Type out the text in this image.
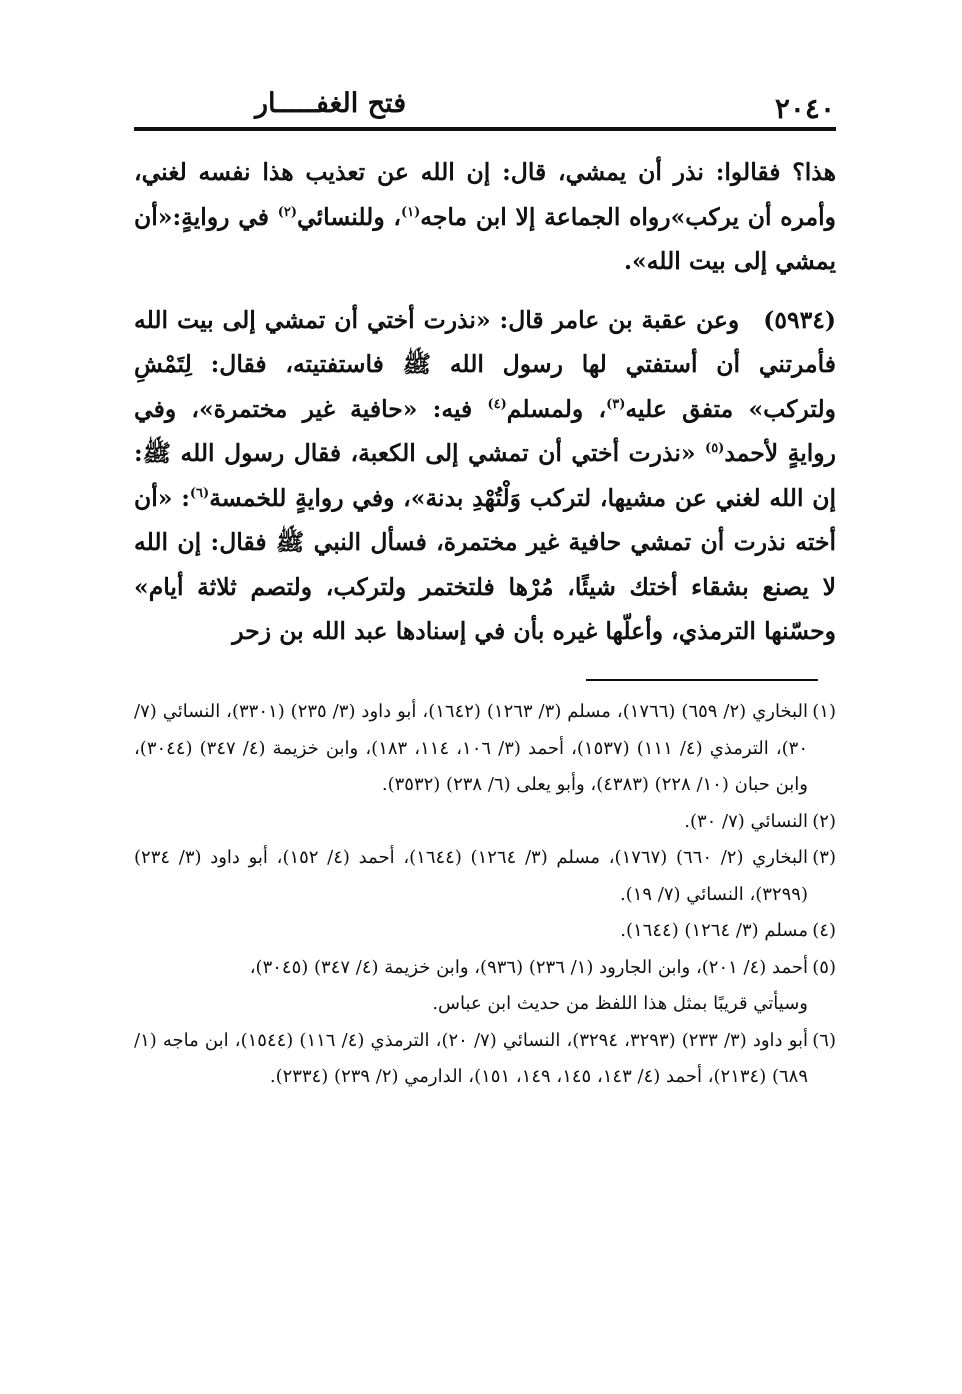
٢٠٤٠
فتح الغفـــــار

هذا؟ فقالوا: نذر أن يمشي، قال: إن الله عن تعذيب هذا نفسه لغني، وأمره أن يركب»رواه الجماعة إلا ابن ماجه$^{(١)}$، وللنسائي$^{(٢)}$ في روايةٍ:«أن يمشي إلى بيت الله».

(٥٩٣٤)وعن عقبة بن عامر قال: «نذرت أختي أن تمشي إلى بيت الله فأمرتني أن أستفتي لها رسول الله ﷺ فاستفتيته، فقال: لِتَمْشِ ولتركب» متفق عليه$^{(٣)}$، ولمسلم$^{(٤)}$ فيه: «حافية غير مختمرة»، وفي روايةٍ لأحمد$^{(٥)}$ «نذرت أختي أن تمشي إلى الكعبة، فقال رسول الله ﷺ: إن الله لغني عن مشيها، لتركب وَلْتُهْدِ بدنة»، وفي روايةٍ للخمسة$^{(٦)}$: «أن أخته نذرت أن تمشي حافية غير مختمرة، فسأل النبي ﷺ فقال: إن الله لا يصنع بشقاء أختك شيئًا، مُرْها فلتختمر ولتركب، ولتصم ثلاثة أيام» وحسّنها الترمذي، وأعلّها غيره بأن في إسنادها عبد الله بن زحر

(١)
البخاري (٢/ ٦٥٩) (١٧٦٦)، مسلم (٣/ ١٢٦٣) (١٦٤٢)، أبو داود (٣/ ٢٣٥) (٣٣٠١)، النسائي (٧/ ٣٠)، الترمذي (٤/ ١١١) (١٥٣٧)، أحمد (٣/ ١٠٦، ١١٤، ١٨٣)، وابن خزيمة (٤/ ٣٤٧) (٣٠٤٤)، وابن حبان (١٠/ ٢٢٨) (٤٣٨٣)، وأبو يعلى (٦/ ٢٣٨) (٣٥٣٢).

(٢)
النسائي (٧/ ٣٠).

(٣)
البخاري (٢/ ٦٦٠) (١٧٦٧)، مسلم (٣/ ١٢٦٤) (١٦٤٤)، أحمد (٤/ ١٥٢)، أبو داود (٣/ ٢٣٤) (٣٢٩٩)، النسائي (٧/ ١٩).

(٤)
مسلم (٣/ ١٢٦٤) (١٦٤٤).

(٥)
أحمد (٤/ ٢٠١)، وابن الجارود (١/ ٢٣٦) (٩٣٦)، وابن خزيمة (٤/ ٣٤٧) (٣٠٤٥)،

وسيأتي قريبًا بمثل هذا اللفظ من حديث ابن عباس.

(٦)
أبو داود (٣/ ٢٣٣) (٣٢٩٣، ٣٢٩٤)، النسائي (٧/ ٢٠)، الترمذي (٤/ ١١٦) (١٥٤٤)، ابن ماجه (١/ ٦٨٩) (٢١٣٤)، أحمد (٤/ ١٤٣، ١٤٥، ١٤٩، ١٥١)، الدارمي (٢/ ٢٣٩) (٢٣٣٤).
